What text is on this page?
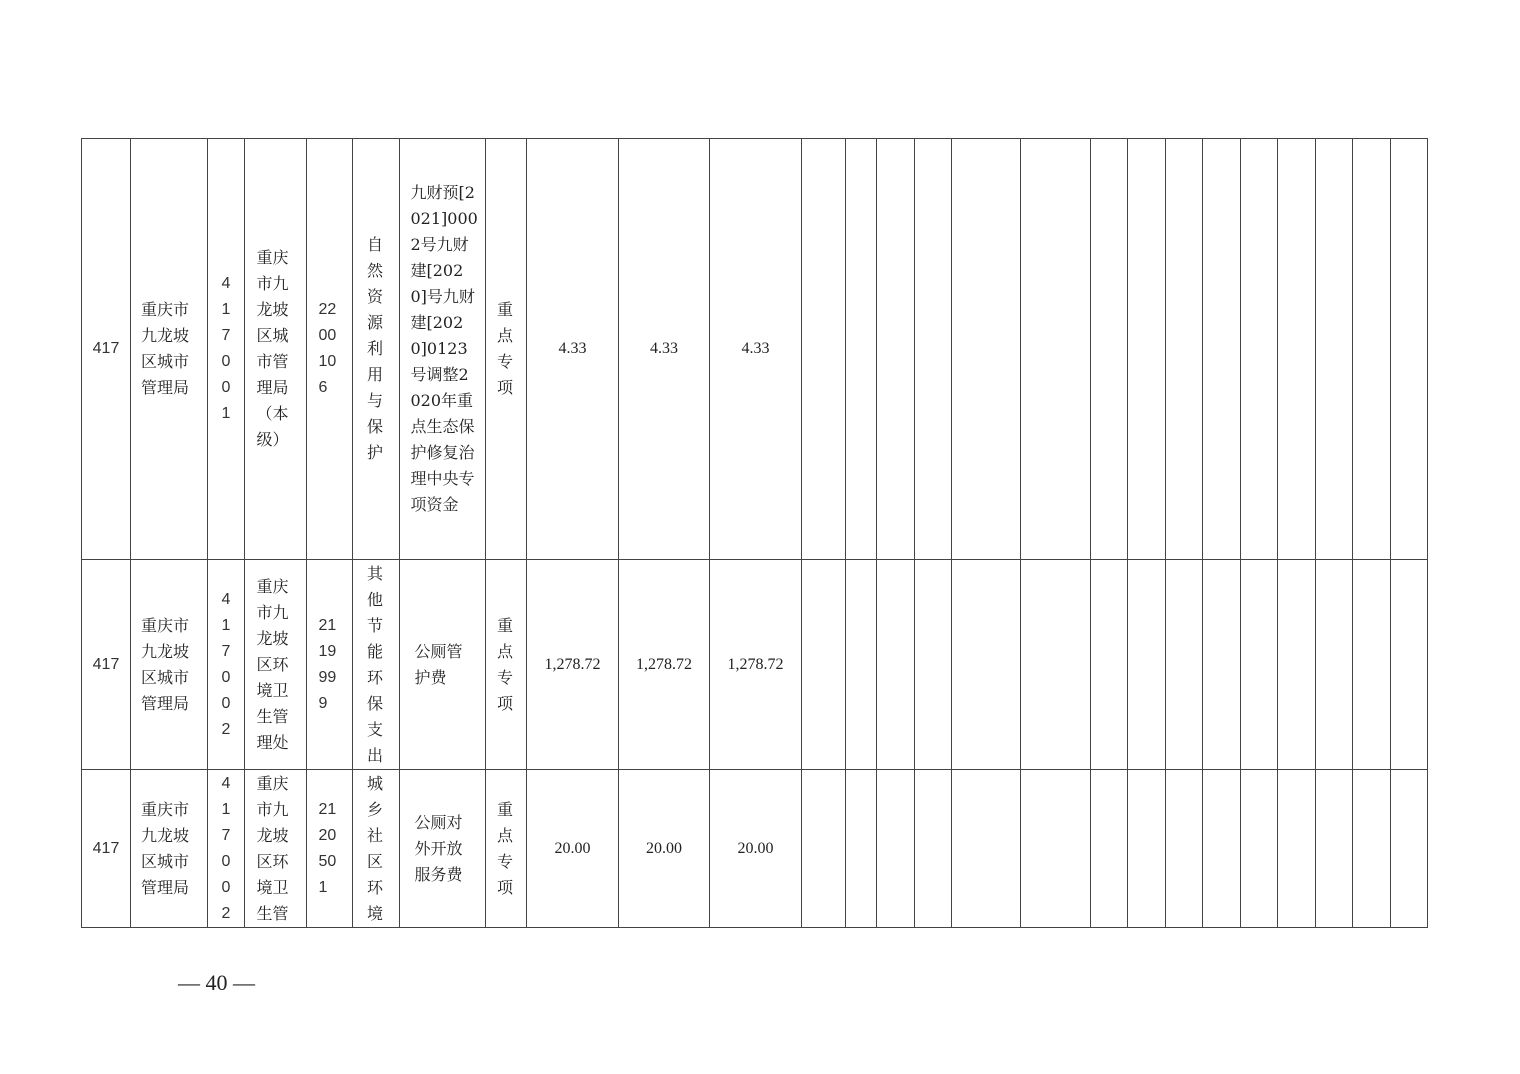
417	重庆市九龙坡区城市管理局	417001	重庆市九龙坡区城市管理局（本级）	2200106	自然资源利用与保护	九财预[2021]0002号九财建[2020]号九财建[2020]0123号调整2020年重点生态保护修复治理中央专项资金	重点专项	4.33	4.33	4.33															
417	重庆市九龙坡区城市管理局	417002	重庆市九龙坡区环境卫生管理处	2119999	其他节能环保支出	公厕管护费	重点专项	1,278.72	1,278.72	1,278.72															
417	重庆市九龙坡区城市管理局	417002	重庆市九龙坡区环境卫生管	2120501	城乡社区环境	公厕对外开放服务费	重点专项	20.00	20.00	20.00															
— 40 —
